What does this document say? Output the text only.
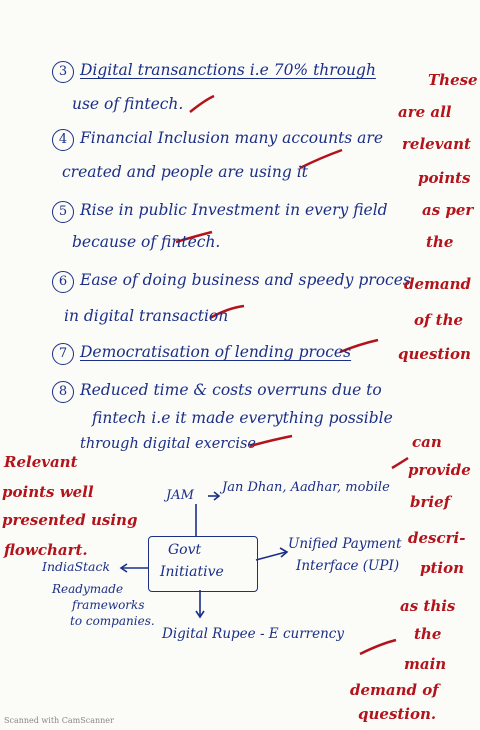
3 Digital transanctions i.e 70% through
use of fintech.
4 Financial Inclusion many accounts are
created and people are using it
5 Rise in public Investment in every field
because of fintech.
6 Ease of doing business and speedy proces
in digital transaction
7 Democratisation of lending proces
8 Reduced time & costs overruns due to
fintech i.e it made everything possible
through digital exercise
JAM
Jan Dhan, Aadhar, mobile
Govt
Initiative
Unified Payment
Interface (UPI)
IndiaStack
Readymade
frameworks
to companies.
Digital Rupee - E currency
These
are all
relevant
points
as per
the
demand
of the
question
Relevant
points well
presented using
flowchart.
can
provide
brief
descri-
ption
as this
the
main
demand of
question.
Scanned with CamScanner
